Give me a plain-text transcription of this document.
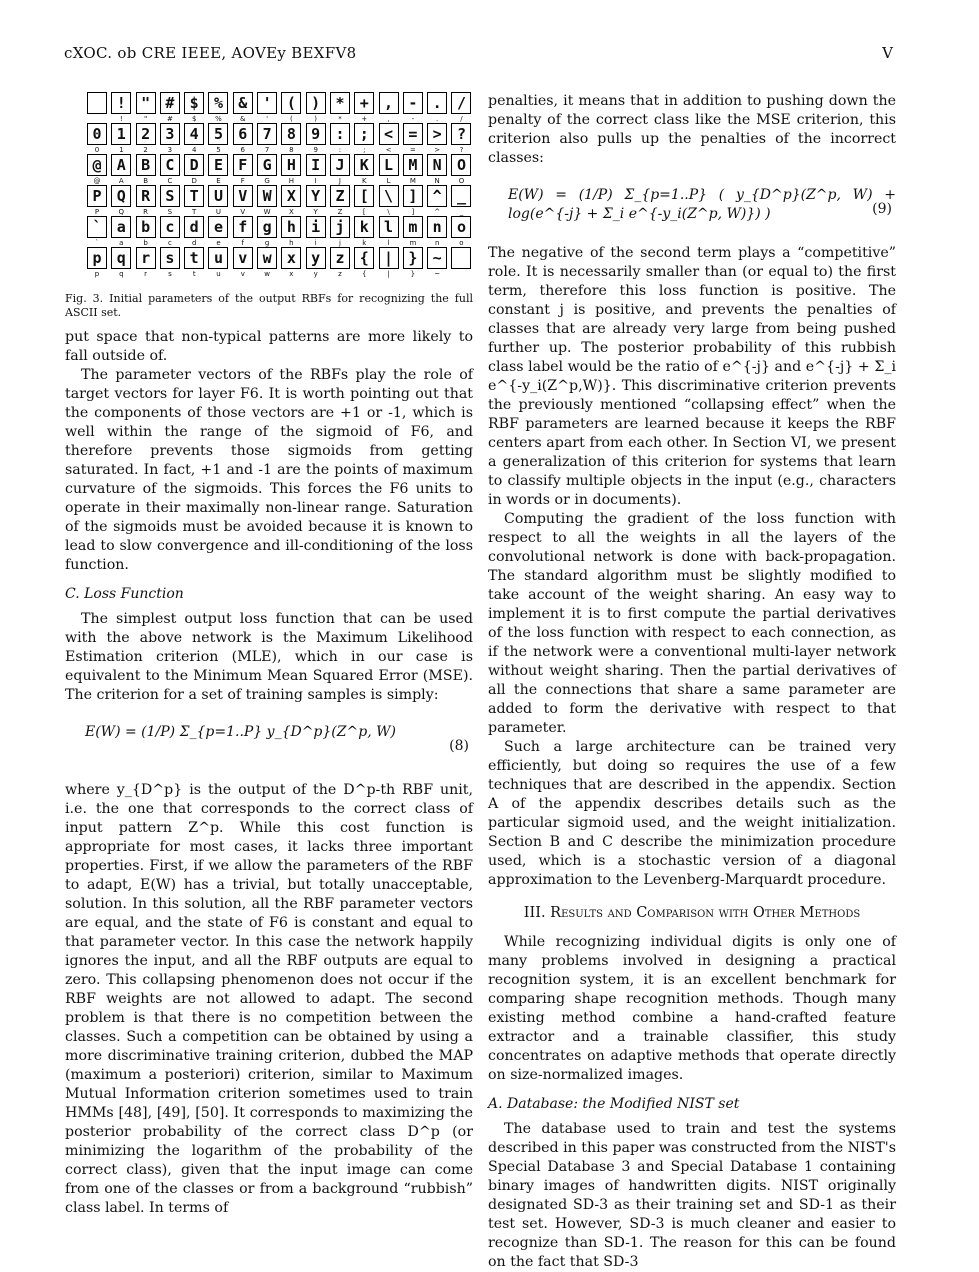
cXOC. ob CRE IEEE, AOVEy BEXFV8	V
!
!
"
"
#
#
$
$
%
%
&
&
'
'
(
(
)
)
*
*
+
+
,
,
-
-
.
.
/
/
0
0
1
1
2
2
3
3
4
4
5
5
6
6
7
7
8
8
9
9
:
:
;
;
<
<
=
=
>
>
?
?
@
@
A
A
B
B
C
C
D
D
E
E
F
F
G
G
H
H
I
I
J
J
K
K
L
L
M
M
N
N
O
O
P
P
Q
Q
R
R
S
S
T
T
U
U
V
V
W
W
X
X
Y
Y
Z
Z
[
[
\
\
]
]
^
^
_
_
`
`
a
a
b
b
c
c
d
d
e
e
f
f
g
g
h
h
i
i
j
j
k
k
l
l
m
m
n
n
o
o
p
p
q
q
r
r
s
s
t
t
u
u
v
v
w
w
x
x
y
y
z
z
{
{
|
|
}
}
~
~
Fig. 3. Initial parameters of the output RBFs for recognizing the full ASCII set.

put space that non-typical patterns are more likely to fall outside of.

The parameter vectors of the RBFs play the role of target vectors for layer F6. It is worth pointing out that the components of those vectors are +1 or -1, which is well within the range of the sigmoid of F6, and therefore prevents those sigmoids from getting saturated. In fact, +1 and -1 are the points of maximum curvature of the sigmoids. This forces the F6 units to operate in their maximally non-linear range. Saturation of the sigmoids must be avoided because it is known to lead to slow convergence and ill-conditioning of the loss function.

C. Loss Function

The simplest output loss function that can be used with the above network is the Maximum Likelihood Estimation criterion (MLE), which in our case is equivalent to the Minimum Mean Squared Error (MSE). The criterion for a set of training samples is simply:

E(W) = (1/P) Σ_{p=1..P} y_{D^p}(Z^p, W)
(8)

where y_{D^p} is the output of the D^p-th RBF unit, i.e. the one that corresponds to the correct class of input pattern Z^p. While this cost function is appropriate for most cases, it lacks three important properties. First, if we allow the parameters of the RBF to adapt, E(W) has a trivial, but totally unacceptable, solution. In this solution, all the RBF parameter vectors are equal, and the state of F6 is constant and equal to that parameter vector. In this case the network happily ignores the input, and all the RBF outputs are equal to zero. This collapsing phenomenon does not occur if the RBF weights are not allowed to adapt. The second problem is that there is no competition between the classes. Such a competition can be obtained by using a more discriminative training criterion, dubbed the MAP (maximum a posteriori) criterion, similar to Maximum Mutual Information criterion sometimes used to train HMMs [48], [49], [50]. It corresponds to maximizing the posterior probability of the correct class D^p (or minimizing the logarithm of the probability of the correct class), given that the input image can come from one of the classes or from a background “rubbish” class label. In terms of

penalties, it means that in addition to pushing down the penalty of the correct class like the MSE criterion, this criterion also pulls up the penalties of the incorrect classes:

E(W) = (1/P) Σ_{p=1..P} ( y_{D^p}(Z^p, W) + log(e^{-j} + Σ_i e^{-y_i(Z^p, W)}) )	(9)

The negative of the second term plays a “competitive” role. It is necessarily smaller than (or equal to) the first term, therefore this loss function is positive. The constant j is positive, and prevents the penalties of classes that are already very large from being pushed further up. The posterior probability of this rubbish class label would be the ratio of e^{-j} and e^{-j} + Σ_i e^{-y_i(Z^p,W)}. This discriminative criterion prevents the previously mentioned “collapsing effect” when the RBF parameters are learned because it keeps the RBF centers apart from each other. In Section VI, we present a generalization of this criterion for systems that learn to classify multiple objects in the input (e.g., characters in words or in documents).

Computing the gradient of the loss function with respect to all the weights in all the layers of the convolutional network is done with back-propagation. The standard algorithm must be slightly modified to take account of the weight sharing. An easy way to implement it is to first compute the partial derivatives of the loss function with respect to each connection, as if the network were a conventional multi-layer network without weight sharing. Then the partial derivatives of all the connections that share a same parameter are added to form the derivative with respect to that parameter.

Such a large architecture can be trained very efficiently, but doing so requires the use of a few techniques that are described in the appendix. Section A of the appendix describes details such as the particular sigmoid used, and the weight initialization. Section B and C describe the minimization procedure used, which is a stochastic version of a diagonal approximation to the Levenberg-Marquardt procedure.

III. Results and Comparison with Other Methods

While recognizing individual digits is only one of many problems involved in designing a practical recognition system, it is an excellent benchmark for comparing shape recognition methods. Though many existing method combine a hand-crafted feature extractor and a trainable classifier, this study concentrates on adaptive methods that operate directly on size-normalized images.

A. Database: the Modified NIST set

The database used to train and test the systems described in this paper was constructed from the NIST's Special Database 3 and Special Database 1 containing binary images of handwritten digits. NIST originally designated SD-3 as their training set and SD-1 as their test set. However, SD-3 is much cleaner and easier to recognize than SD-1. The reason for this can be found on the fact that SD-3
